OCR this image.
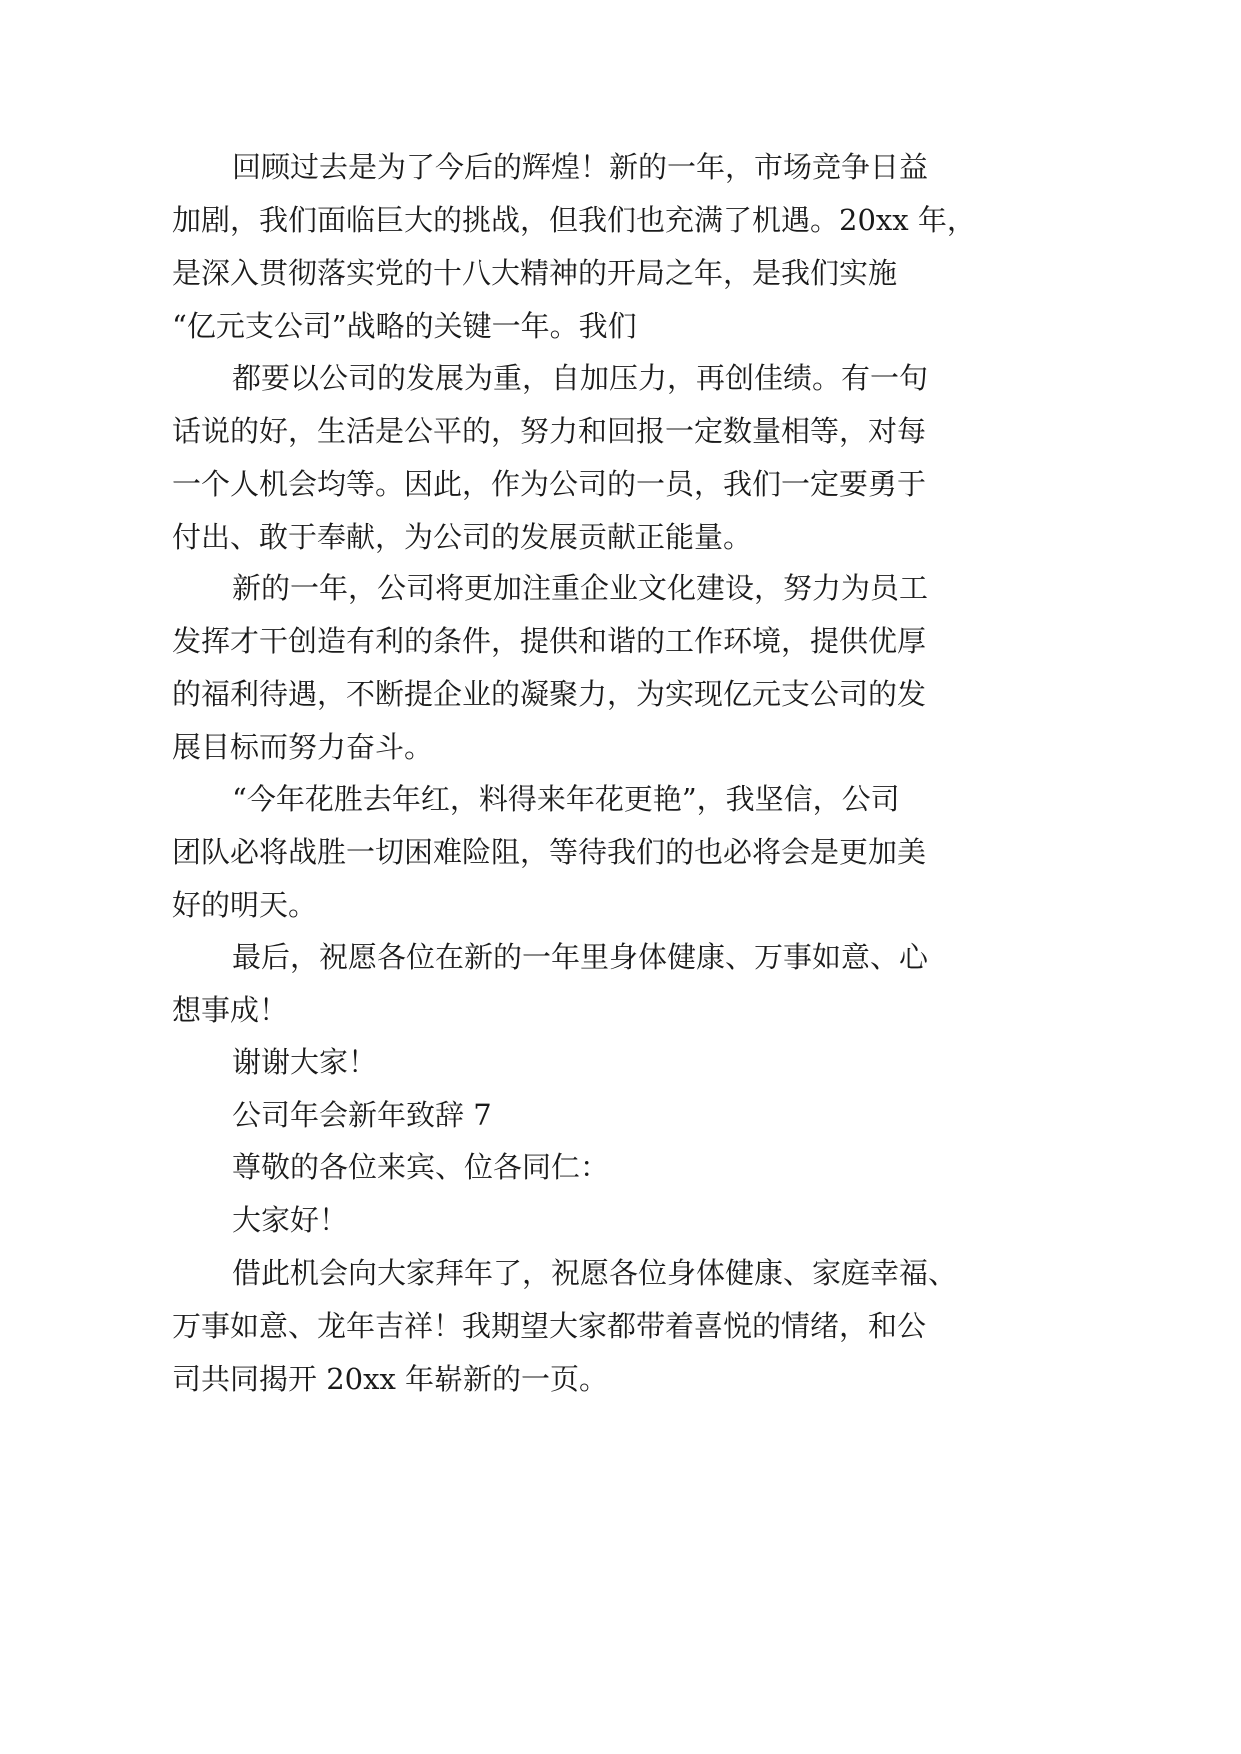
回顾过去是为了今后的辉煌！新的一年，市场竞争日益
加剧，我们面临巨大的挑战，但我们也充满了机遇。20xx 年，
是深入贯彻落实党的十八大精神的开局之年，是我们实施
“亿元支公司”战略的关键一年。我们
都要以公司的发展为重，自加压力，再创佳绩。有一句
话说的好，生活是公平的，努力和回报一定数量相等，对每
一个人机会均等。因此，作为公司的一员，我们一定要勇于
付出、敢于奉献，为公司的发展贡献正能量。
新的一年，公司将更加注重企业文化建设，努力为员工
发挥才干创造有利的条件，提供和谐的工作环境，提供优厚
的福利待遇，不断提企业的凝聚力，为实现亿元支公司的发
展目标而努力奋斗。
“今年花胜去年红，料得来年花更艳”，我坚信，公司
团队必将战胜一切困难险阻，等待我们的也必将会是更加美
好的明天。
最后，祝愿各位在新的一年里身体健康、万事如意、心
想事成！
谢谢大家！
公司年会新年致辞 7
尊敬的各位来宾、位各同仁：
大家好！
借此机会向大家拜年了，祝愿各位身体健康、家庭幸福、
万事如意、龙年吉祥！我期望大家都带着喜悦的情绪，和公
司共同揭开 20xx 年崭新的一页。
